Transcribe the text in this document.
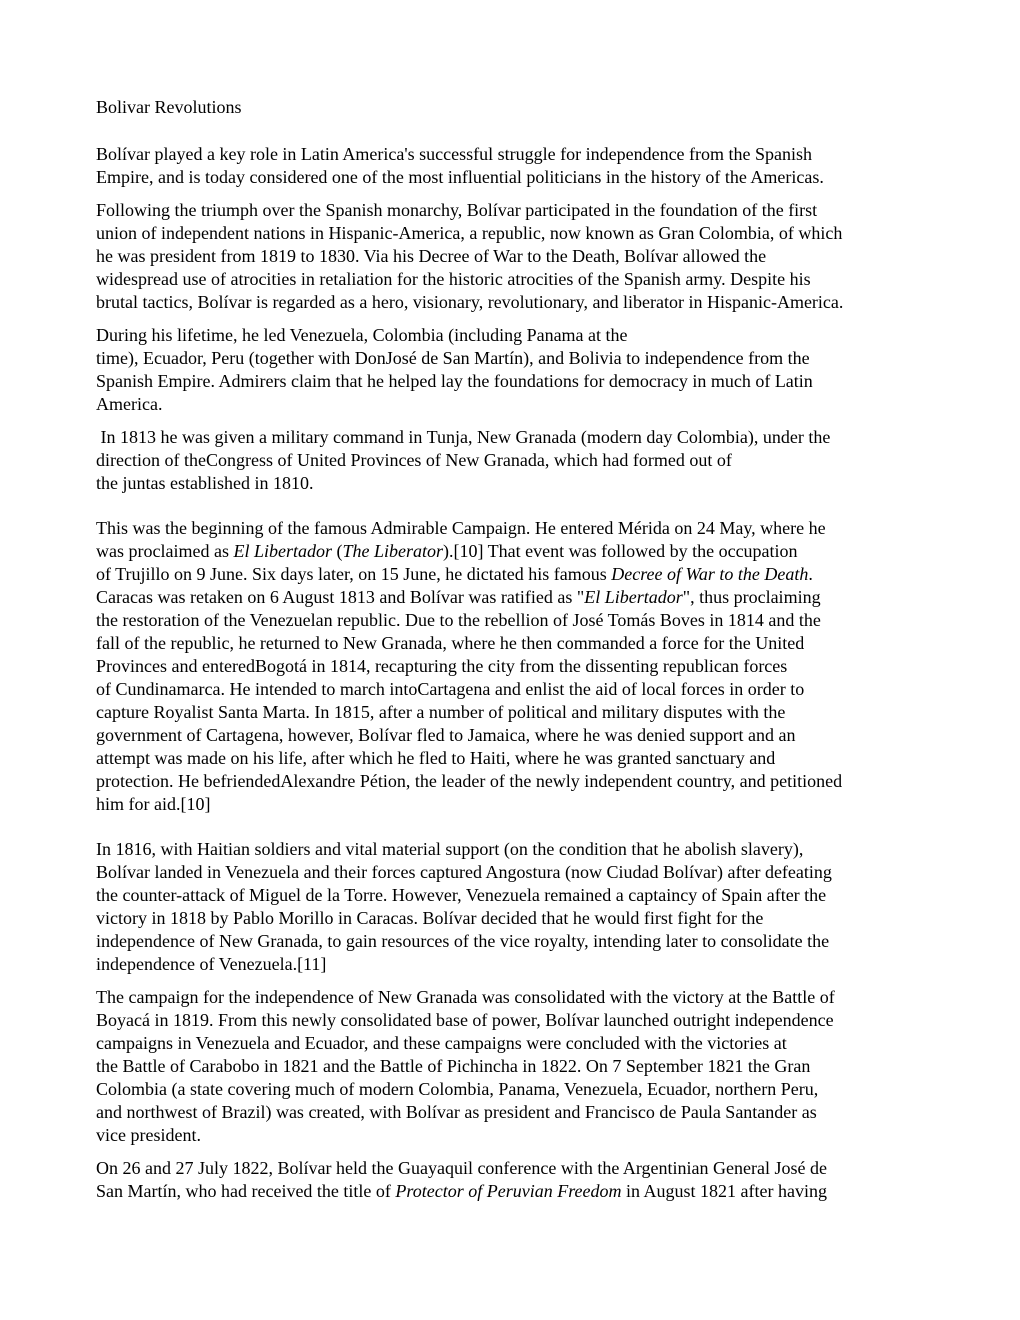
Bolivar Revolutions
Bolívar played a key role in Latin America's successful struggle for independence from the Spanish
Empire, and is today considered one of the most influential politicians in the history of the Americas.
Following the triumph over the Spanish monarchy, Bolívar participated in the foundation of the first
union of independent nations in Hispanic-America, a republic, now known as Gran Colombia, of which
he was president from 1819 to 1830. Via his Decree of War to the Death, Bolívar allowed the
widespread use of atrocities in retaliation for the historic atrocities of the Spanish army. Despite his
brutal tactics, Bolívar is regarded as a hero, visionary, revolutionary, and liberator in Hispanic-America.
During his lifetime, he led Venezuela, Colombia (including Panama at the
time), Ecuador, Peru (together with DonJosé de San Martín), and Bolivia to independence from the
Spanish Empire. Admirers claim that he helped lay the foundations for democracy in much of Latin
America.
In 1813 he was given a military command in Tunja, New Granada (modern day Colombia), under the
direction of theCongress of United Provinces of New Granada, which had formed out of
the juntas established in 1810.
This was the beginning of the famous Admirable Campaign. He entered Mérida on 24 May, where he
was proclaimed as El Libertador (The Liberator).[10] That event was followed by the occupation
of Trujillo on 9 June. Six days later, on 15 June, he dictated his famous Decree of War to the Death.
Caracas was retaken on 6 August 1813 and Bolívar was ratified as "El Libertador", thus proclaiming
the restoration of the Venezuelan republic. Due to the rebellion of José Tomás Boves in 1814 and the
fall of the republic, he returned to New Granada, where he then commanded a force for the United
Provinces and enteredBogotá in 1814, recapturing the city from the dissenting republican forces
of Cundinamarca. He intended to march intoCartagena and enlist the aid of local forces in order to
capture Royalist Santa Marta. In 1815, after a number of political and military disputes with the
government of Cartagena, however, Bolívar fled to Jamaica, where he was denied support and an
attempt was made on his life, after which he fled to Haiti, where he was granted sanctuary and
protection. He befriendedAlexandre Pétion, the leader of the newly independent country, and petitioned
him for aid.[10]
In 1816, with Haitian soldiers and vital material support (on the condition that he abolish slavery),
Bolívar landed in Venezuela and their forces captured Angostura (now Ciudad Bolívar) after defeating
the counter-attack of Miguel de la Torre. However, Venezuela remained a captaincy of Spain after the
victory in 1818 by Pablo Morillo in Caracas. Bolívar decided that he would first fight for the
independence of New Granada, to gain resources of the vice royalty, intending later to consolidate the
independence of Venezuela.[11]
The campaign for the independence of New Granada was consolidated with the victory at the Battle of
Boyacá in 1819. From this newly consolidated base of power, Bolívar launched outright independence
campaigns in Venezuela and Ecuador, and these campaigns were concluded with the victories at
the Battle of Carabobo in 1821 and the Battle of Pichincha in 1822. On 7 September 1821 the Gran
Colombia (a state covering much of modern Colombia, Panama, Venezuela, Ecuador, northern Peru,
and northwest of Brazil) was created, with Bolívar as president and Francisco de Paula Santander as
vice president.
On 26 and 27 July 1822, Bolívar held the Guayaquil conference with the Argentinian General José de
San Martín, who had received the title of Protector of Peruvian Freedom in August 1821 after having
